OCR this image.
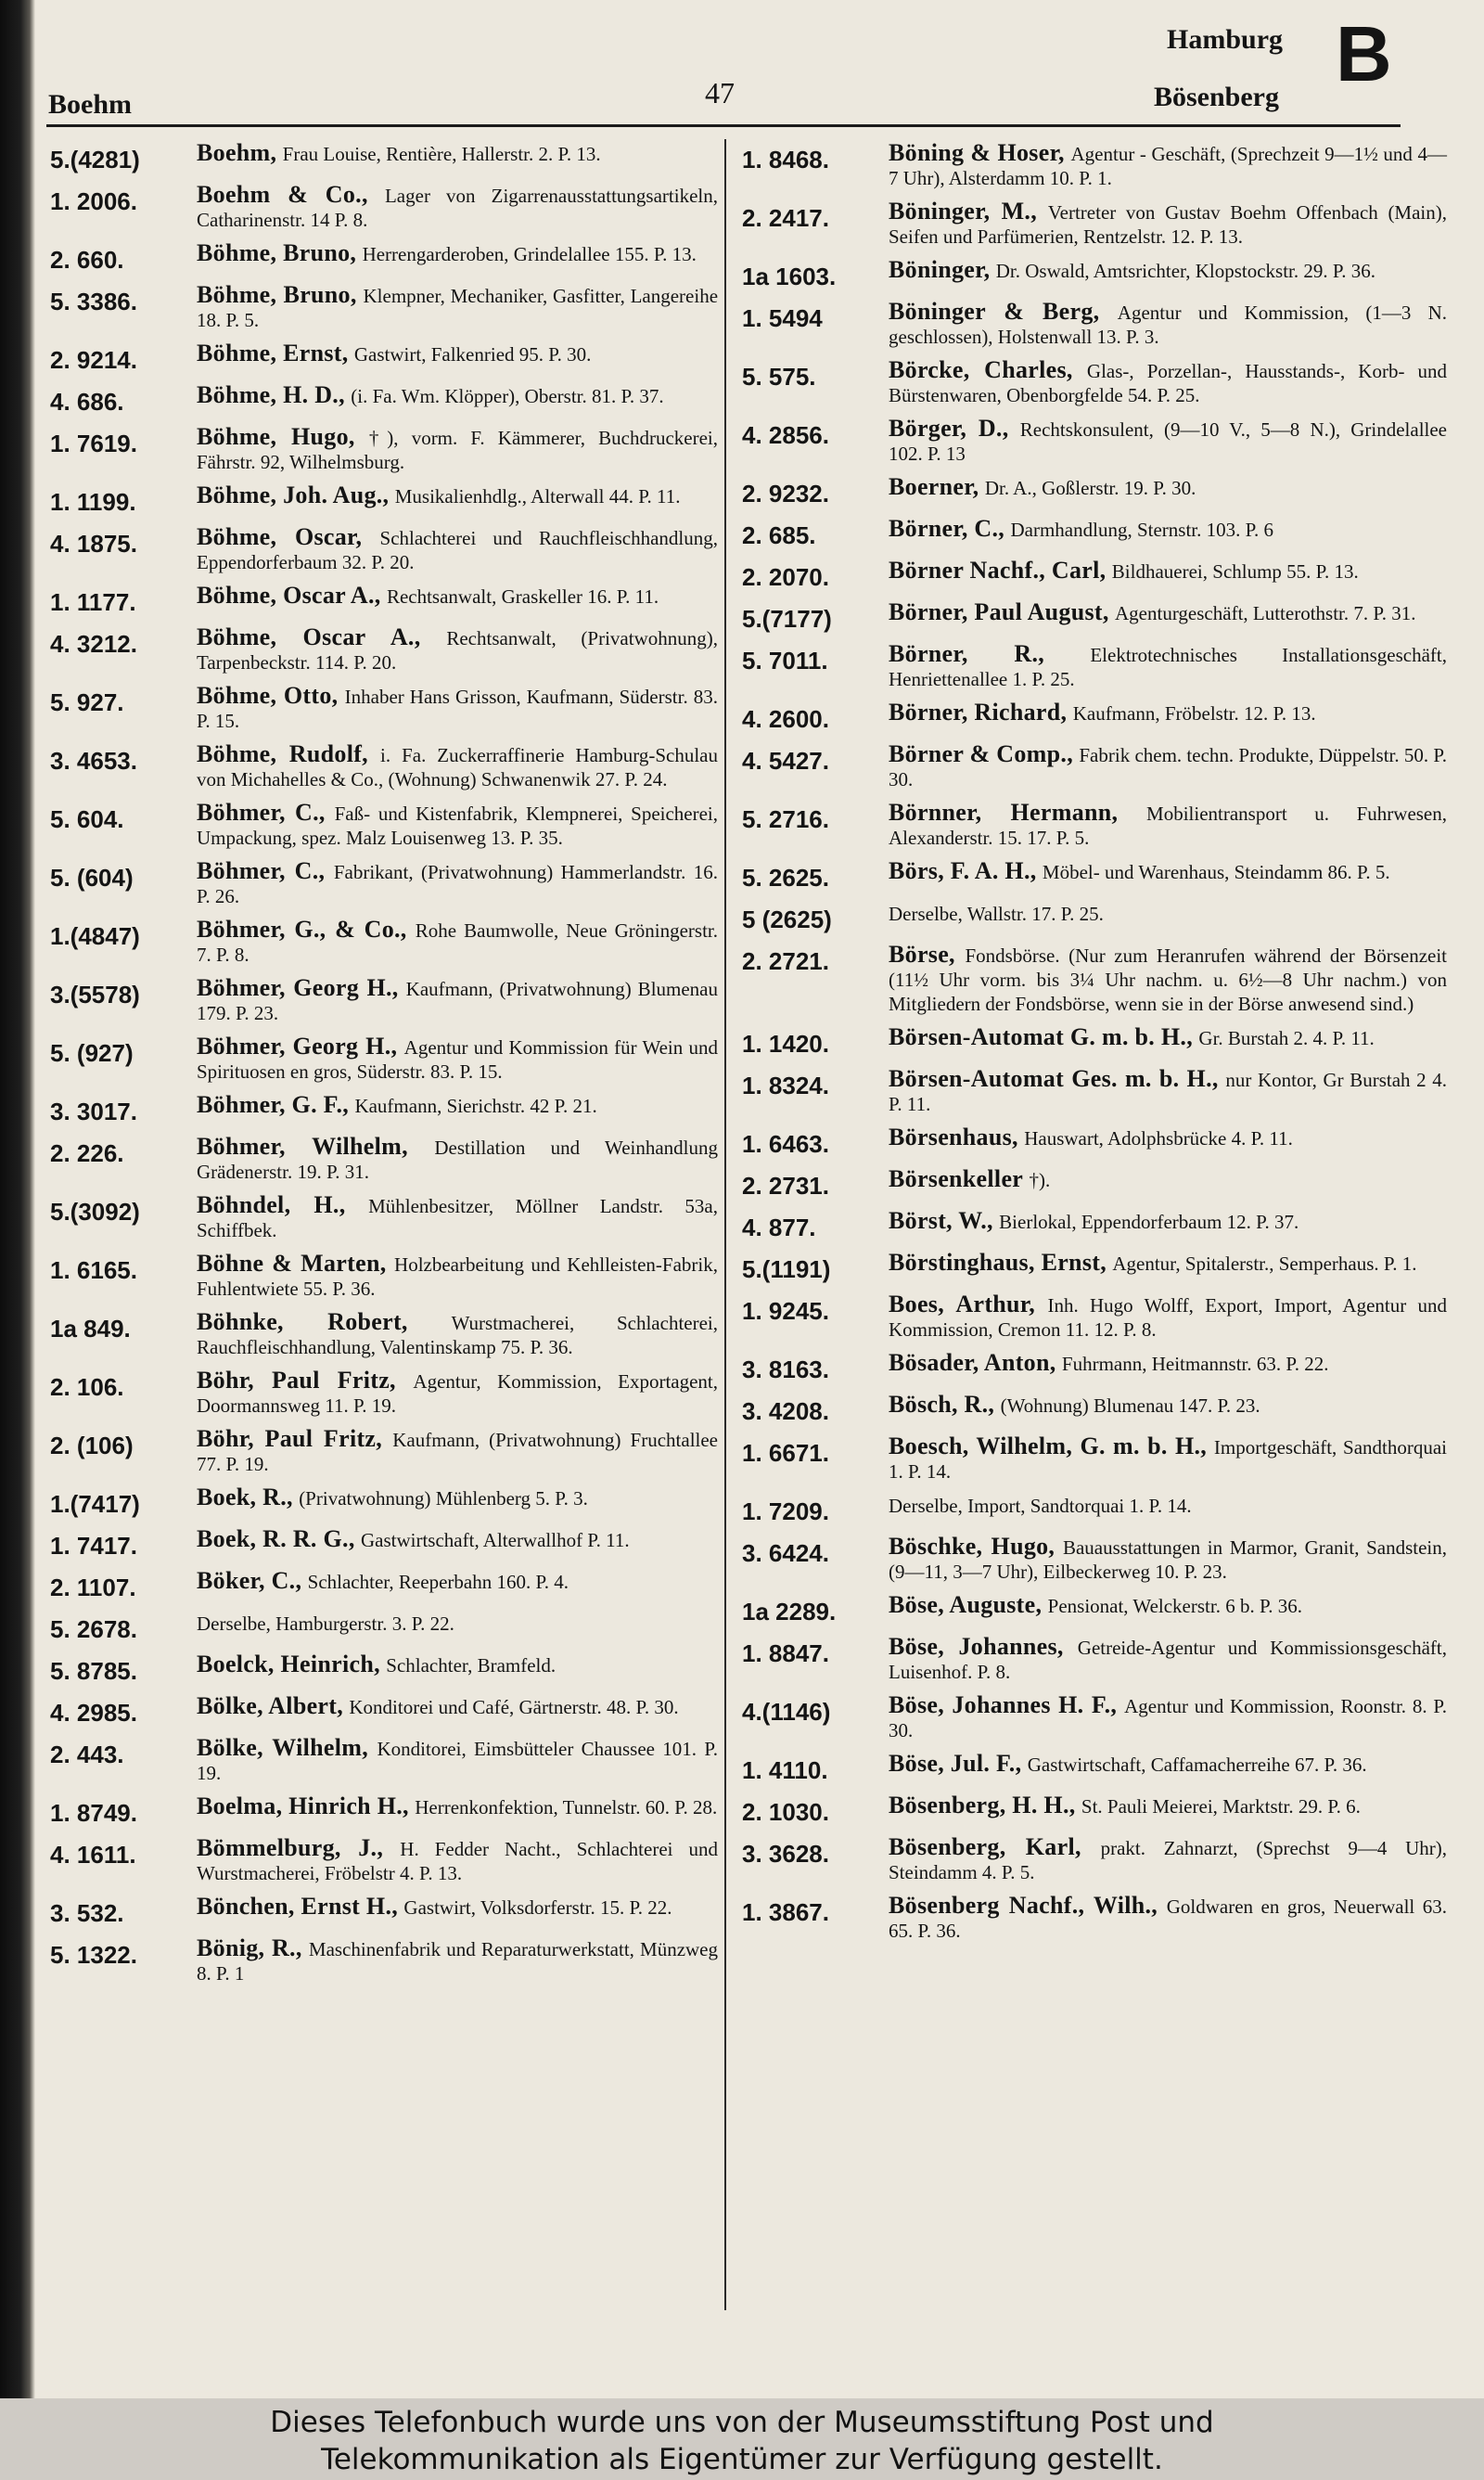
Boehm	47
Hamburg
Bösenberg B
5.(4281)	Boehm, Frau Louise, Rentière, Hallerstr. 2. P. 13.
1. 2006.	Boehm & Co., Lager von Zigarrenausstattungsartikeln, Catharinenstr. 14 P. 8.
2. 660.	Böhme, Bruno, Herrengarderoben, Grindelallee 155. P. 13.
5. 3386.	Böhme, Bruno, Klempner, Mechaniker, Gasfitter, Langereihe 18. P. 5.
2. 9214.	Böhme, Ernst, Gastwirt, Falkenried 95. P. 30.
4. 686.	Böhme, H. D., (i. Fa. Wm. Klöpper), Oberstr. 81. P. 37.
1. 7619.	Böhme, Hugo, †), vorm. F. Kämmerer, Buchdruckerei, Fährstr. 92, Wilhelmsburg.
1. 1199.	Böhme, Joh. Aug., Musikalienhdlg., Alterwall 44. P. 11.
4. 1875.	Böhme, Oscar, Schlachterei und Rauchfleischhandlung, Eppendorferbaum 32. P. 20.
1. 1177.	Böhme, Oscar A., Rechtsanwalt, Graskeller 16. P. 11.
4. 3212.	Böhme, Oscar A., Rechtsanwalt, (Privatwohnung), Tarpenbeckstr. 114. P. 20.
5. 927.	Böhme, Otto, Inhaber Hans Grisson, Kaufmann, Süderstr. 83. P. 15.
3. 4653.	Böhme, Rudolf, i. Fa. Zuckerraffinerie Hamburg-Schulau von Michahelles & Co., (Wohnung) Schwanenwik 27. P. 24.
5. 604.	Böhmer, C., Faß- und Kistenfabrik, Klempnerei, Speicherei, Umpackung, spez. Malz Louisenweg 13. P. 35.
5. (604)	Böhmer, C., Fabrikant, (Privatwohnung) Hammerlandstr. 16. P. 26.
1.(4847)	Böhmer, G., & Co., Rohe Baumwolle, Neue Gröningerstr. 7. P. 8.
3.(5578)	Böhmer, Georg H., Kaufmann, (Privatwohnung) Blumenau 179. P. 23.
5. (927)	Böhmer, Georg H., Agentur und Kommission für Wein und Spirituosen en gros, Süderstr. 83. P. 15.
3. 3017.	Böhmer, G. F., Kaufmann, Sierichstr. 42 P. 21.
2. 226.	Böhmer, Wilhelm, Destillation und Weinhandlung Grädenerstr. 19. P. 31.
5.(3092)	Böhndel, H., Mühlenbesitzer, Möllner Landstr. 53a, Schiffbek.
1. 6165.	Böhne & Marten, Holzbearbeitung und Kehlleisten-Fabrik, Fuhlentwiete 55. P. 36.
1a 849.	Böhnke, Robert, Wurstmacherei, Schlachterei, Rauchfleischhandlung, Valentinskamp 75. P. 36.
2. 106.	Böhr, Paul Fritz, Agentur, Kommission, Exportagent, Doormannsweg 11. P. 19.
2. (106)	Böhr, Paul Fritz, Kaufmann, (Privatwohnung) Fruchtallee 77. P. 19.
1.(7417)	Boek, R., (Privatwohnung) Mühlenberg 5. P. 3.
1. 7417.	Boek, R. R. G., Gastwirtschaft, Alterwallhof P. 11.
2. 1107.	Böker, C., Schlachter, Reeperbahn 160. P. 4.
5. 2678.	Derselbe, Hamburgerstr. 3. P. 22.
5. 8785.	Boelck, Heinrich, Schlachter, Bramfeld.
4. 2985.	Bölke, Albert, Konditorei und Café, Gärtnerstr. 48. P. 30.
2. 443.	Bölke, Wilhelm, Konditorei, Eimsbütteler Chaussee 101. P. 19.
1. 8749.	Boelma, Hinrich H., Herrenkonfektion, Tunnelstr. 60. P. 28.
4. 1611.	Bömmelburg, J., H. Fedder Nacht., Schlachterei und Wurstmacherei, Fröbelstr 4. P. 13.
3. 532.	Bönchen, Ernst H., Gastwirt, Volksdorferstr. 15. P. 22.
5. 1322.	Bönig, R., Maschinenfabrik und Reparaturwerkstatt, Münzweg 8. P. 1
1. 8468.	Böning & Hoser, Agentur - Geschäft, (Sprechzeit 9—1½ und 4—7 Uhr), Alsterdamm 10. P. 1.
2. 2417.	Böninger, M., Vertreter von Gustav Boehm Offenbach (Main), Seifen und Parfümerien, Rentzelstr. 12. P. 13.
1a 1603.	Böninger, Dr. Oswald, Amtsrichter, Klopstockstr. 29. P. 36.
1. 5494	Böninger & Berg, Agentur und Kommission, (1—3 N. geschlossen), Holstenwall 13. P. 3.
5. 575.	Börcke, Charles, Glas-, Porzellan-, Hausstands-, Korb- und Bürstenwaren, Obenborgfelde 54. P. 25.
4. 2856.	Börger, D., Rechtskonsulent, (9—10 V., 5—8 N.), Grindelallee 102. P. 13
2. 9232.	Boerner, Dr. A., Goßlerstr. 19. P. 30.
2. 685.	Börner, C., Darmhandlung, Sternstr. 103. P. 6
2. 2070.	Börner Nachf., Carl, Bildhauerei, Schlump 55. P. 13.
5.(7177)	Börner, Paul August, Agenturgeschäft, Lutterothstr. 7. P. 31.
5. 7011.	Börner, R., Elektrotechnisches Installationsgeschäft, Henriettenallee 1. P. 25.
4. 2600.	Börner, Richard, Kaufmann, Fröbelstr. 12. P. 13.
4. 5427.	Börner & Comp., Fabrik chem. techn. Produkte, Düppelstr. 50. P. 30.
5. 2716.	Börnner, Hermann, Mobilientransport u. Fuhrwesen, Alexanderstr. 15. 17. P. 5.
5. 2625.	Börs, F. A. H., Möbel- und Warenhaus, Steindamm 86. P. 5.
5 (2625)	Derselbe, Wallstr. 17. P. 25.
2. 2721.	Börse, Fondsbörse. (Nur zum Heranrufen während der Börsenzeit (11½ Uhr vorm. bis 3¼ Uhr nachm. u. 6½—8 Uhr nachm.) von Mitgliedern der Fondsbörse, wenn sie in der Börse anwesend sind.)
1. 1420.	Börsen-Automat G. m. b. H., Gr. Burstah 2. 4. P. 11.
1. 8324.	Börsen-Automat Ges. m. b. H., nur Kontor, Gr Burstah 2 4. P. 11.
1. 6463.	Börsenhaus, Hauswart, Adolphsbrücke 4. P. 11.
2. 2731.	Börsenkeller †).
4. 877.	Börst, W., Bierlokal, Eppendorferbaum 12. P. 37.
5.(1191)	Börstinghaus, Ernst, Agentur, Spitalerstr., Semperhaus. P. 1.
1. 9245.	Boes, Arthur, Inh. Hugo Wolff, Export, Import, Agentur und Kommission, Cremon 11. 12. P. 8.
3. 8163.	Bösader, Anton, Fuhrmann, Heitmannstr. 63. P. 22.
3. 4208.	Bösch, R., (Wohnung) Blumenau 147. P. 23.
1. 6671.	Boesch, Wilhelm, G. m. b. H., Importgeschäft, Sandthorquai 1. P. 14.
1. 7209.	Derselbe, Import, Sandtorquai 1. P. 14.
3. 6424.	Böschke, Hugo, Bauausstattungen in Marmor, Granit, Sandstein, (9—11, 3—7 Uhr), Eilbeckerweg 10. P. 23.
1a 2289.	Böse, Auguste, Pensionat, Welckerstr. 6 b. P. 36.
1. 8847.	Böse, Johannes, Getreide-Agentur und Kommissionsgeschäft, Luisenhof. P. 8.
4.(1146)	Böse, Johannes H. F., Agentur und Kommission, Roonstr. 8. P. 30.
1. 4110.	Böse, Jul. F., Gastwirtschaft, Caffamacherreihe 67. P. 36.
2. 1030.	Bösenberg, H. H., St. Pauli Meierei, Marktstr. 29. P. 6.
3. 3628.	Bösenberg, Karl, prakt. Zahnarzt, (Sprechst 9—4 Uhr), Steindamm 4. P. 5.
1. 3867.	Bösenberg Nachf., Wilh., Goldwaren en gros, Neuerwall 63. 65. P. 36.
Dieses Telefonbuch wurde uns von der Museumsstiftung Post und
Telekommunikation als Eigentümer zur Verfügung gestellt.
